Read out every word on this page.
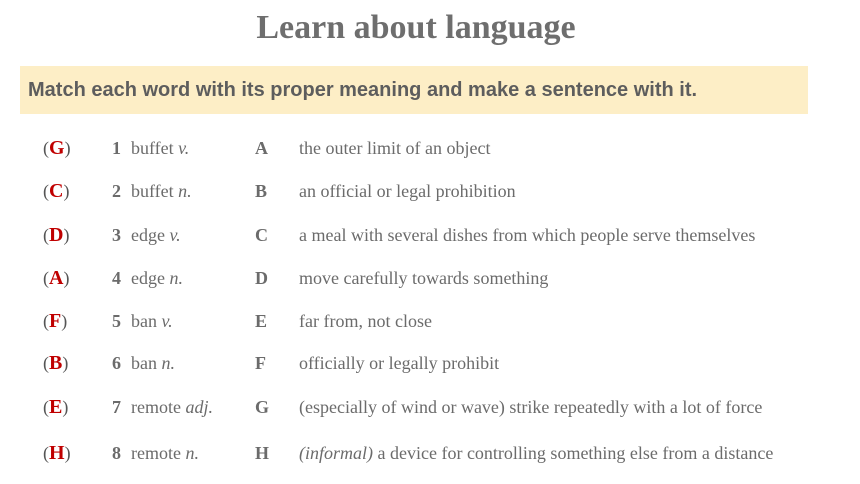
Learn about language
Match each word with its proper meaning and make a sentence with it.
(G) 1 buffet v.	A the outer limit of an object
(C) 2 buffet n.	B an official or legal prohibition
(D) 3 edge v.	C a meal with several dishes from which people serve themselves
(A) 4 edge n.	D move carefully towards something
(F) 5 ban v.	E far from, not close
(B) 6 ban n.	F officially or legally prohibit
(E) 7 remote adj. G (especially of wind or wave) strike repeatedly with a lot of force
(H) 8 remote n.	H (informal) a device for controlling something else from a distance
